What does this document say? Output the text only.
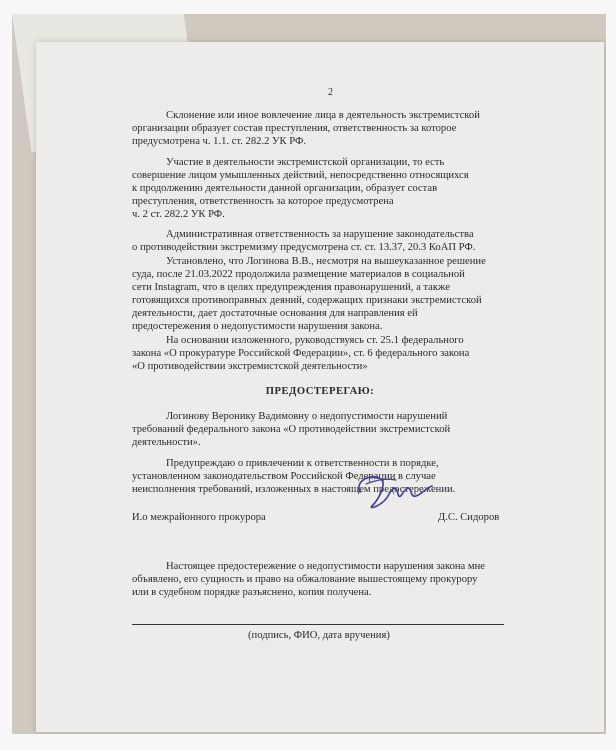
2
Склонение или иное вовлечение лица в деятельность экстремистской
организации образует состав преступления, ответственность за которое
предусмотрена ч. 1.1. ст. 282.2 УК РФ.
Участие в деятельности экстремистской организации, то есть
совершение лицом умышленных действий, непосредственно относящихся
к продолжению деятельности данной организации, образует состав
преступления, ответственность за которое предусмотрена
ч. 2 ст. 282.2 УК РФ.
Административная ответственность за нарушение законодательства
о противодействии экстремизму предусмотрена ст. ст. 13.37, 20.3 КоАП РФ.
Установлено, что Логинова В.В., несмотря на вышеуказанное решение
суда, после 21.03.2022 продолжила размещение материалов в социальной
сети Instagram, что в целях предупреждения правонарушений, а также
готовящихся противоправных деяний, содержащих признаки экстремистской
деятельности, дает достаточные основания для направления ей
предостережения о недопустимости нарушения закона.
На основании изложенного, руководствуясь ст. 25.1 федерального
закона «О прокуратуре Российской Федерации», ст. 6 федерального закона
«О противодействии экстремистской деятельности»
ПРЕДОСТЕРЕГАЮ:
Логинову Веронику Вадимовну о недопустимости нарушений
требований федерального закона «О противодействии экстремистской
деятельности».
Предупреждаю о привлечении к ответственности в порядке,
установленном законодательством Российской Федерации в случае
неисполнения требований, изложенных в настоящем предостережении.
И.о межрайонного прокурора	Д.С. Сидоров
Настоящее предостережение о недопустимости нарушения закона мне
объявлено, его сущность и право на обжалование вышестоящему прокурору
или в судебном порядке разъяснено, копия получена.
(подпись, ФИО, дата вручения)
